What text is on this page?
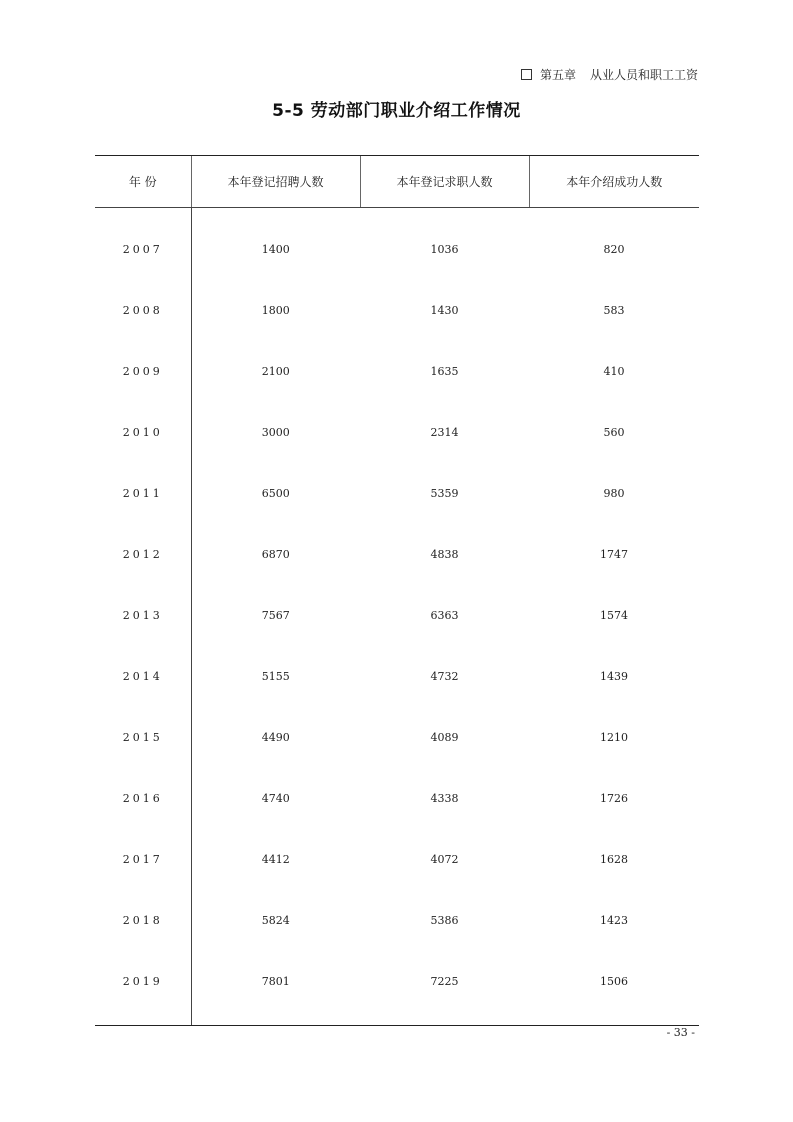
第五章 从业人员和职工工资
5-5 劳动部门职业介绍工作情况
年 份	本年登记招聘人数	本年登记求职人数	本年介绍成功人数

2007	1400	1036	820
2008	1800	1430	583
2009	2100	1635	410
2010	3000	2314	560
2011	6500	5359	980
2012	6870	4838	1747
2013	7567	6363	1574
2014	5155	4732	1439
2015	4490	4089	1210
2016	4740	4338	1726
2017	4412	4072	1628
2018	5824	5386	1423
2019	7801	7225	1506

- 33 -
